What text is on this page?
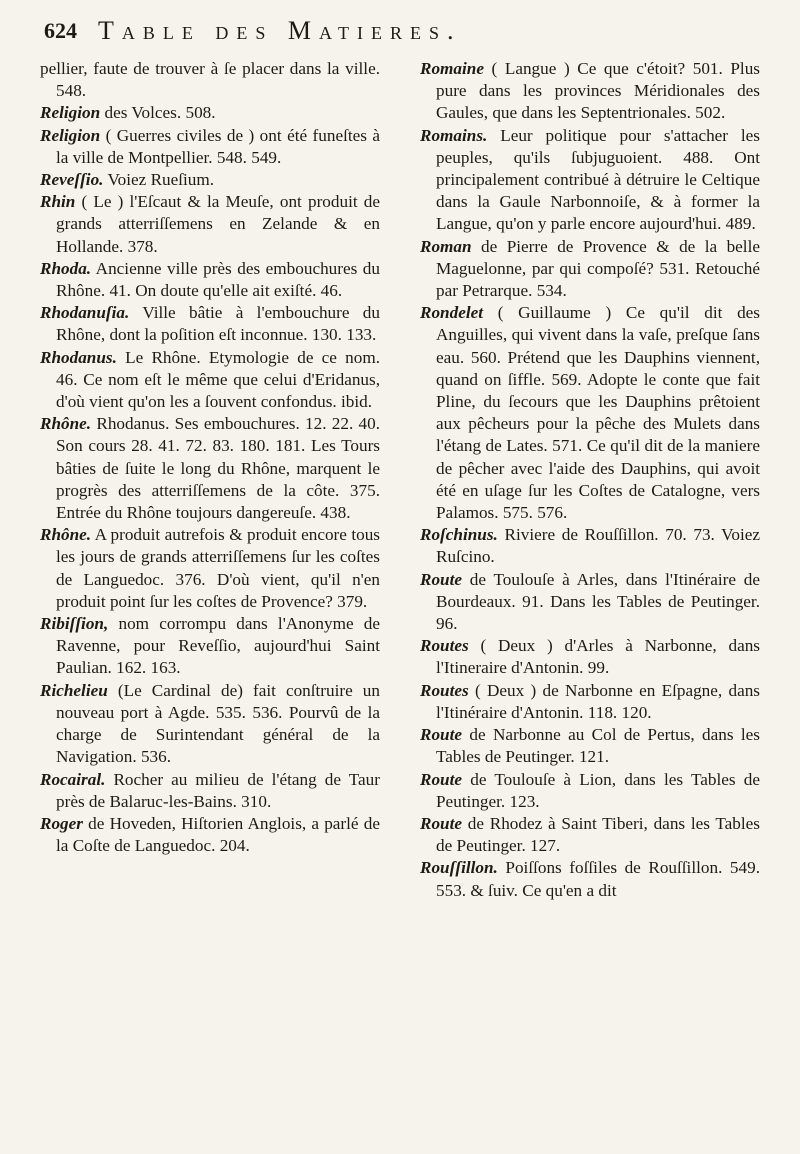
624 Table des Matieres.

pellier, faute de trouver à ſe placer dans la ville. 548.

Religion des Volces. 508.

Religion ( Guerres civiles de ) ont été funeſtes à la ville de Montpellier. 548. 549.

Reveſſio. Voiez Rueſium.

Rhin ( Le ) l'Eſcaut & la Meuſe, ont produit de grands atterriſſemens en Zelande & en Hollande. 378.

Rhoda. Ancienne ville près des embouchures du Rhône. 41. On doute qu'elle ait exiſté. 46.

Rhodanuſia. Ville bâtie à l'embouchure du Rhône, dont la poſition eſt inconnue. 130. 133.

Rhodanus. Le Rhône. Etymologie de ce nom. 46. Ce nom eſt le même que celui d'Eridanus, d'où vient qu'on les a ſouvent confondus. ibid.

Rhône. Rhodanus. Ses embouchures. 12. 22. 40. Son cours 28. 41. 72. 83. 180. 181. Les Tours bâties de ſuite le long du Rhône, marquent le progrès des atterriſſemens de la côte. 375. Entrée du Rhône toujours dangereuſe. 438.

Rhône. A produit autrefois & produit encore tous les jours de grands atterriſſemens ſur les coſtes de Languedoc. 376. D'où vient, qu'il n'en produit point ſur les coſtes de Provence? 379.

Ribiſſion, nom corrompu dans l'Anonyme de Ravenne, pour Reveſſio, aujourd'hui Saint Paulian. 162. 163.

Richelieu (Le Cardinal de) fait conſtruire un nouveau port à Agde. 535. 536. Pourvû de la charge de Surintendant général de la Navigation. 536.

Rocairal. Rocher au milieu de l'étang de Taur près de Balaruc-les-Bains. 310.

Roger de Hoveden, Hiſtorien Anglois, a parlé de la Coſte de Languedoc. 204.

Romaine ( Langue ) Ce que c'étoit? 501. Plus pure dans les provinces Méridionales des Gaules, que dans les Septentrionales. 502.

Romains. Leur politique pour s'attacher les peuples, qu'ils ſubjuguoient. 488. Ont principalement contribué à détruire le Celtique dans la Gaule Narbonnoiſe, & à former la Langue, qu'on y parle encore aujourd'hui. 489.

Roman de Pierre de Provence & de la belle Maguelonne, par qui compoſé? 531. Retouché par Petrarque. 534.

Rondelet ( Guillaume ) Ce qu'il dit des Anguilles, qui vivent dans la vaſe, preſque ſans eau. 560. Prétend que les Dauphins viennent, quand on ſiffle. 569. Adopte le conte que fait Pline, du ſecours que les Dauphins prêtoient aux pêcheurs pour la pêche des Mulets dans l'étang de Lates. 571. Ce qu'il dit de la maniere de pêcher avec l'aide des Dauphins, qui avoit été en uſage ſur les Coſtes de Catalogne, vers Palamos. 575. 576.

Roſchinus. Riviere de Rouſſillon. 70. 73. Voiez Ruſcino.

Route de Toulouſe à Arles, dans l'Itinéraire de Bourdeaux. 91. Dans les Tables de Peutinger. 96.

Routes ( Deux ) d'Arles à Narbonne, dans l'Itineraire d'Antonin. 99.

Routes ( Deux ) de Narbonne en Eſpagne, dans l'Itinéraire d'Antonin. 118. 120.

Route de Narbonne au Col de Pertus, dans les Tables de Peutinger. 121.

Route de Toulouſe à Lion, dans les Tables de Peutinger. 123.

Route de Rhodez à Saint Tiberi, dans les Tables de Peutinger. 127.

Rouſſillon. Poiſſons foſſiles de Rouſſillon. 549. 553. & ſuiv. Ce qu'en a dit
